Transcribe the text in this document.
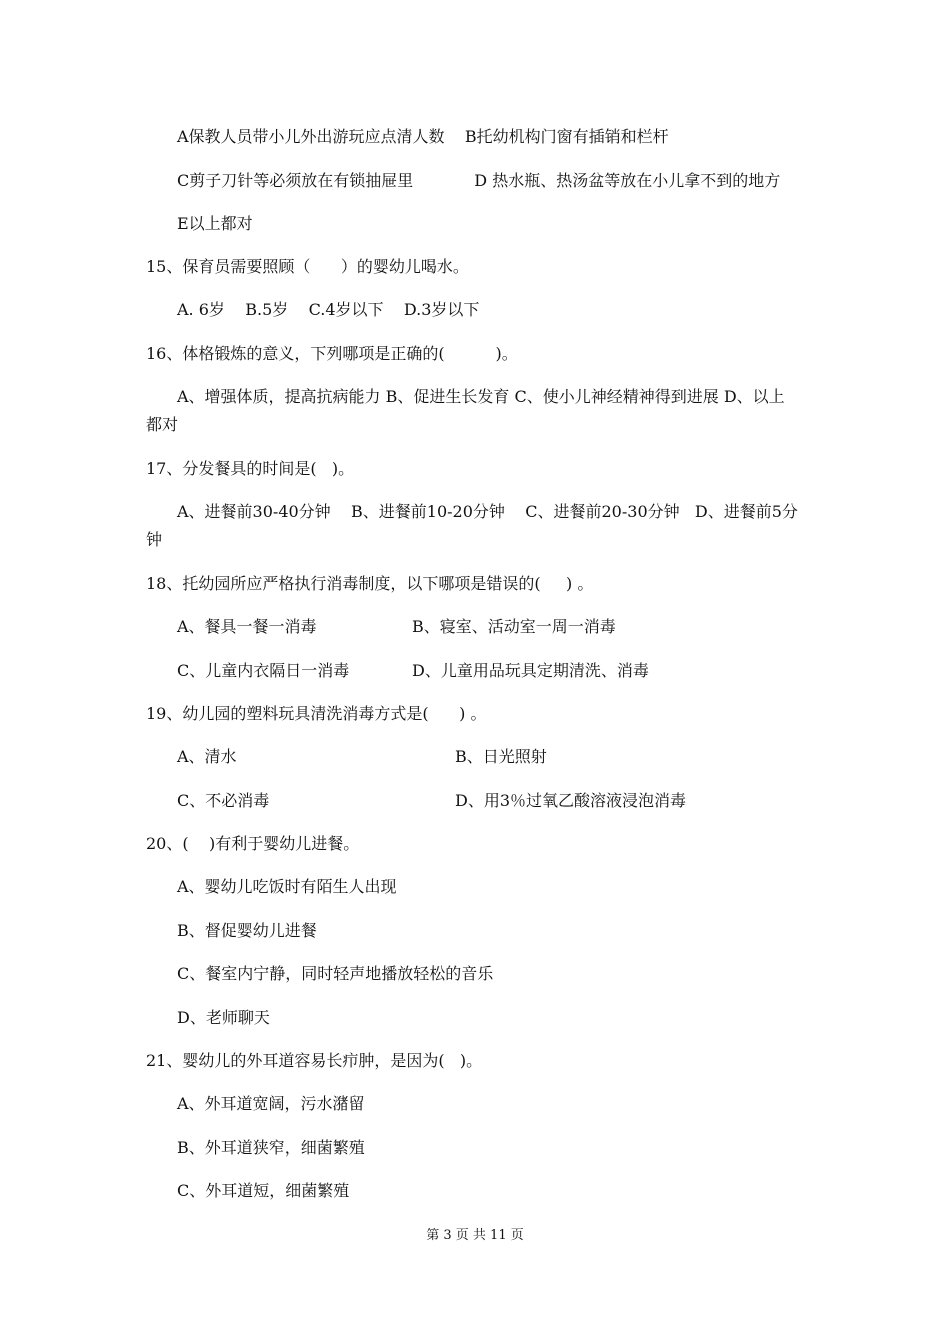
A保教人员带小儿外出游玩应点清人数    B托幼机构门窗有插销和栏杆
C剪子刀针等必须放在有锁抽屉里            D 热水瓶、热汤盆等放在小儿拿不到的地方
E以上都对
15、保育员需要照顾（      ）的婴幼儿喝水。
A. 6岁    B.5岁    C.4岁以下    D.3岁以下
16、体格锻炼的意义，下列哪项是正确的(          )。
A、增强体质，提高抗病能力 B、促进生长发育 C、使小儿神经精神得到进展 D、以上
都对
17、分发餐具的时间是(   )。
A、进餐前30-40分钟    B、进餐前10-20分钟    C、进餐前20-30分钟   D、进餐前5分
钟
18、托幼园所应严格执行消毒制度，以下哪项是错误的(     ) 。
A、餐具一餐一消毒	B、寝室、活动室一周一消毒
C、儿童内衣隔日一消毒	D、儿童用品玩具定期清洗、消毒
19、幼儿园的塑料玩具清洗消毒方式是(      ) 。
A、清水	B、日光照射
C、不必消毒	D、用3％过氧乙酸溶液浸泡消毒
20、(    )有利于婴幼儿进餐。
A、婴幼儿吃饭时有陌生人出现
B、督促婴幼儿进餐
C、餐室内宁静，同时轻声地播放轻松的音乐
D、老师聊天
21、婴幼儿的外耳道容易长疖肿，是因为(   )。
A、外耳道宽阔，污水潴留
B、外耳道狭窄，细菌繁殖
C、外耳道短，细菌繁殖
第 3 页 共 11 页
